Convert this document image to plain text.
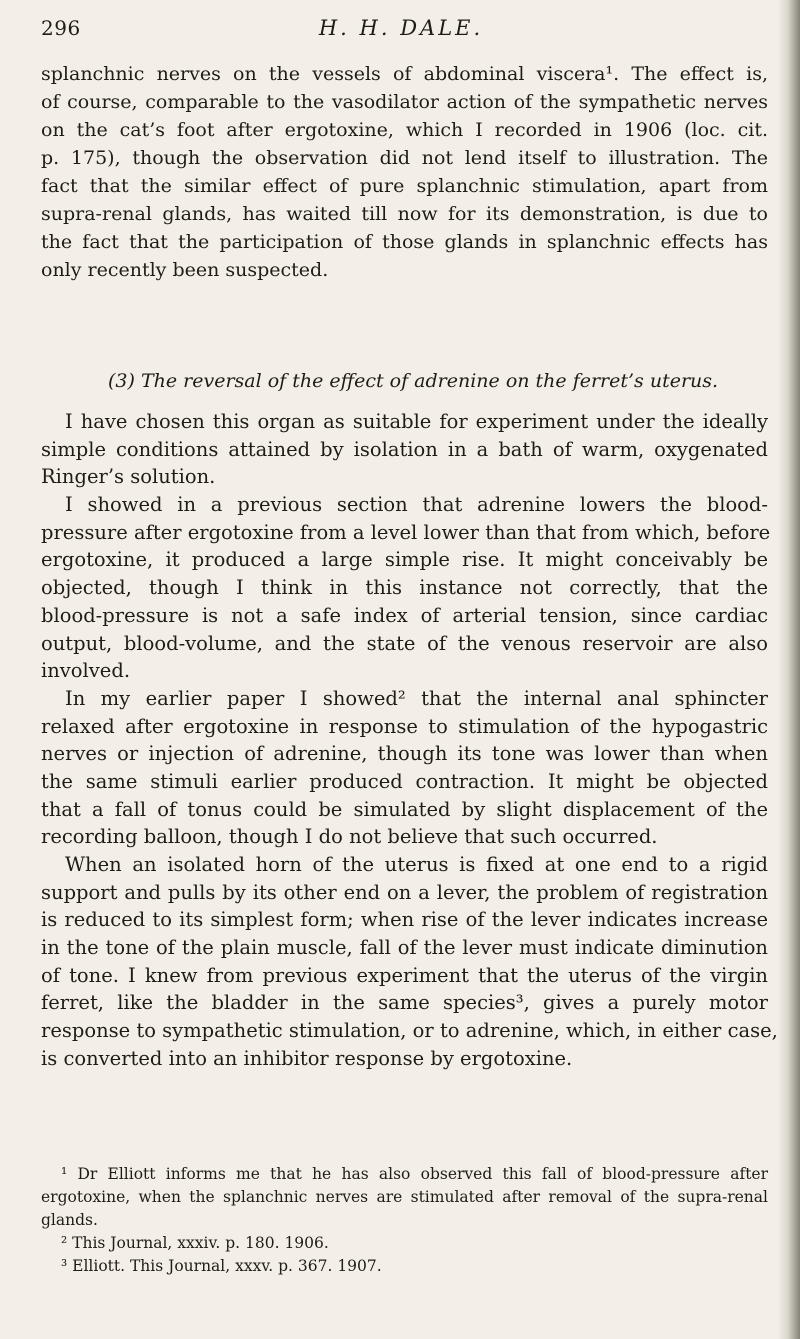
296	H. H. DALE.
splanchnic nerves on the vessels of abdominal viscera¹. The effect is,
of course, comparable to the vasodilator action of the sympathetic nerves
on the cat’s foot after ergotoxine, which I recorded in 1906 (loc. cit.
p. 175), though the observation did not lend itself to illustration. The
fact that the similar effect of pure splanchnic stimulation, apart from
supra-renal glands, has waited till now for its demonstration, is due to
the fact that the participation of those glands in splanchnic effects has
only recently been suspected.
(3) The reversal of the effect of adrenine on the ferret’s uterus.
I have chosen this organ as suitable for experiment under the ideally
simple conditions attained by isolation in a bath of warm, oxygenated
Ringer’s solution.
I showed in a previous section that adrenine lowers the blood-
pressure after ergotoxine from a level lower than that from which, before
ergotoxine, it produced a large simple rise. It might conceivably be
objected, though I think in this instance not correctly, that the
blood-pressure is not a safe index of arterial tension, since cardiac
output, blood-volume, and the state of the venous reservoir are also
involved.
In my earlier paper I showed² that the internal anal sphincter
relaxed after ergotoxine in response to stimulation of the hypogastric
nerves or injection of adrenine, though its tone was lower than when
the same stimuli earlier produced contraction. It might be objected
that a fall of tonus could be simulated by slight displacement of the
recording balloon, though I do not believe that such occurred.
When an isolated horn of the uterus is fixed at one end to a rigid
support and pulls by its other end on a lever, the problem of registration
is reduced to its simplest form; when rise of the lever indicates increase
in the tone of the plain muscle, fall of the lever must indicate diminution
of tone. I knew from previous experiment that the uterus of the virgin
ferret, like the bladder in the same species³, gives a purely motor
response to sympathetic stimulation, or to adrenine, which, in either case,
is converted into an inhibitor response by ergotoxine.
¹ Dr Elliott informs me that he has also observed this fall of blood-pressure after
ergotoxine, when the splanchnic nerves are stimulated after removal of the supra-renal
glands.
² This Journal, xxxiv. p. 180. 1906.
³ Elliott. This Journal, xxxv. p. 367. 1907.
